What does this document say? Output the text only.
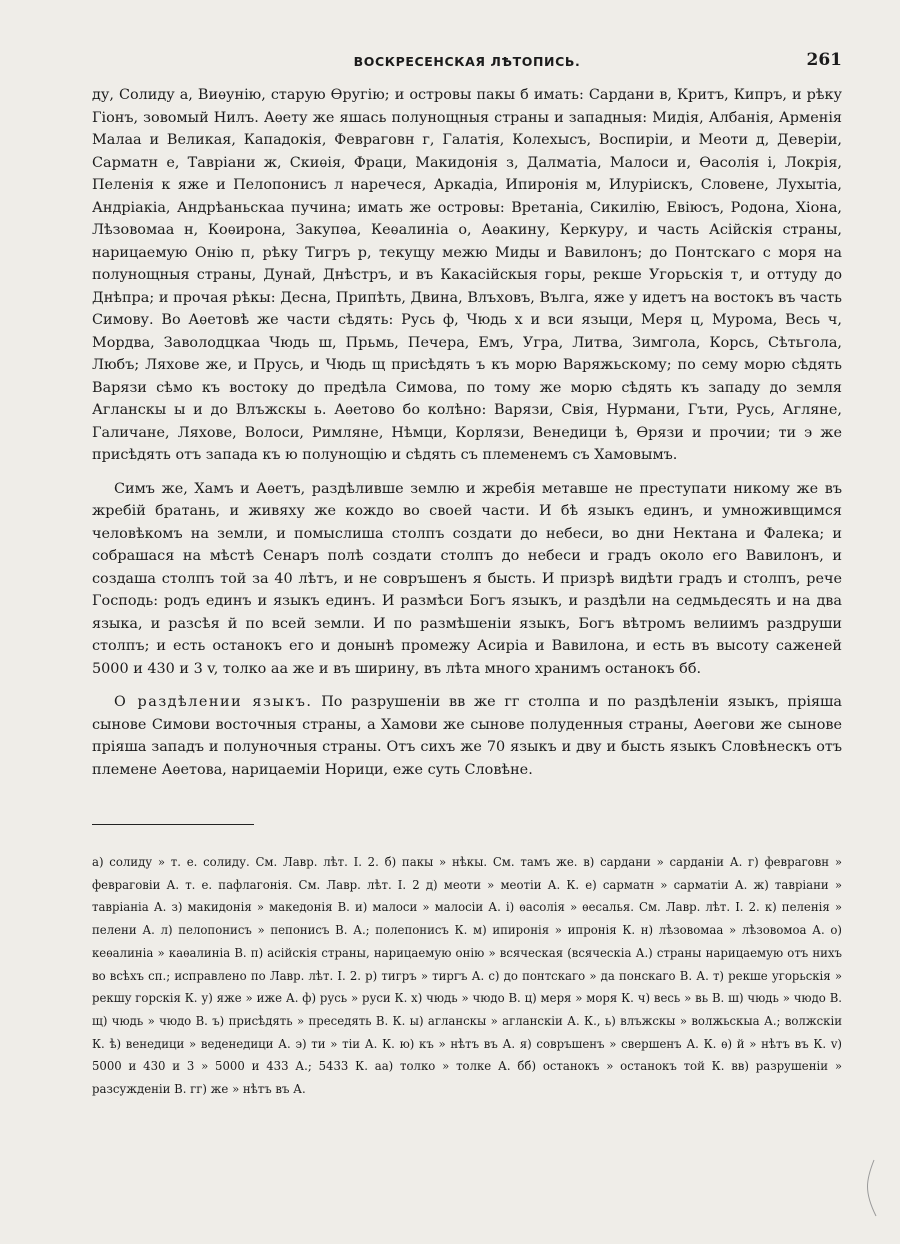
ВОСКРЕСЕНСКАЯ ЛѢТОПИСЬ.	261

ду, Солиду а, Виѳунію, старую Ѳругію; и островы пакы б имать: Сардани в, Критъ, Кипръ, и рѣку Гіонъ, зовомый Нилъ. Аѳету же яшась полунощныя страны и западныя: Мидія, Албанія, Арменія Малаа и Великая, Кападокія, Февраговн г, Галатія, Колехысъ, Воспиріи, и Меоти д, Деверіи, Сарматн е, Тавріани ж, Скиѳія, Фраци, Макидонія з, Далматіа, Малоси и, Ѳасолія і, Локрія, Пеленія к яже и Пелопонисъ л наречеся, Аркадіа, Ипиронія м, Илуріискъ, Словене, Лухытіа, Андріакіа, Андрѣаньскаа пучина; имать же островы: Вретаніа, Сикилію, Евіюсъ, Родона, Хіона, Лѣзовомаа н, Коѳирона, Закупѳа, Кеѳалиніа о, Аѳакину, Керкуру, и часть Асійскія страны, нарицаемую Онію п, рѣку Тигръ р, текущу межю Миды и Вавилонъ; до Понтскаго с моря на полунощныя страны, Дунай, Днѣстръ, и въ Какасійскыя горы, рекше Угорьскія т, и оттуду до Днѣпра; и прочая рѣкы: Десна, Припѣть, Двина, Влъховъ, Вълга, яже у идетъ на востокъ въ часть Симову. Во Аѳетовѣ же части сѣдять: Русь ф, Чюдь х и вси языци, Меря ц, Мурома, Весь ч, Мордва, Заволодцкаа Чюдь ш, Прьмь, Печера, Емъ, Угра, Литва, Зимгола, Корсь, Сѣтьгола, Любъ; Ляхове же, и Прусь, и Чюдь щ присѣдять ъ къ морю Варяжьскому; по сему морю сѣдять Варязи сѣмо къ востоку до предѣла Симова, по тому же морю сѣдять къ западу до земля Агланскы ы и до Влъжскы ь. Аѳетово бо колѣно: Варязи, Свія, Нурмани, Гъти, Русь, Агляне, Галичане, Ляхове, Волоси, Римляне, Нѣмци, Корлязи, Венедици ѣ, Ѳрязи и прочии; ти э же присѣдять отъ запада къ ю полунощію и сѣдять съ племенемъ съ Хамовымъ.

Симъ же, Хамъ и Аѳетъ, раздѣливше землю и жребія метавше не преступати никому же въ жребій братань, и живяху же кождо во своей части. И бѣ языкъ единъ, и умноживщимся человѣкомъ на земли, и помыслиша столпъ создати до небеси, во дни Нектана и Фалека; и собрашася на мѣстѣ Сенаръ полѣ создати столпъ до небеси и градъ около его Вавилонъ, и создаша столпъ той за 40 лѣтъ, и не совръшенъ я бысть. И призрѣ видѣти градъ и столпъ, рече Господь: родъ единъ и языкъ единъ. И размѣси Богъ языкъ, и раздѣли на седмьдесять и на два языка, и разсѣя й по всей земли. И по размѣшеніи языкъ, Богъ вѣтромъ велиимъ раздруши столпъ; и есть останокъ его и донынѣ промежу Асиріа и Вавилона, и есть въ высоту саженей 5000 и 430 и 3 v, толко аа же и въ ширину, въ лѣта много хранимъ останокъ бб.

О раздѣлении языкъ. По разрушеніи вв же гг столпа и по раздѣленіи языкъ, пріяша сынове Симови восточныя страны, а Хамови же сынове полуденныя страны, Аѳегови же сынове пріяша западъ и полуночныя страны. Отъ сихъ же 70 языкъ и дву и бысть языкъ Словѣнескъ отъ племене Аѳетова, нарицаеміи Норици, еже суть Словѣне.

а) солиду » т. е. солиду. См. Лавр. лѣт. I. 2. б) пакы » нѣкы. См. тамъ же. в) сардани » сарданіи А. г) февраговн » февраговіи А. т. е. пафлагонія. См. Лавр. лѣт. I. 2 д) меоти » меотіи А. К. е) сарматн » сарматіи А. ж) тавріани » тавріаніа А. з) макидонія » македонія В. и) малоси » малосіи А. і) ѳасолія » ѳесалья. См. Лавр. лѣт. I. 2. к) пеленія » пелени А. л) пелопонисъ » пепонисъ В. А.; полепонисъ К. м) ипиронія » ипронія К. н) лѣзовомаа » лѣзовомоа А. о) кеѳалиніа » каѳалиніа В. п) асійскія страны, нарицаемую онію » всяческая (всяческіа А.) страны нарицаемую отъ нихъ во всѣхъ сп.; исправлено по Лавр. лѣт. I. 2. р) тигръ » тиргъ А. с) до понтскаго » да понскаго В. А. т) рекше угорьскія » рекшу горскія К. у) яже » иже А. ф) русь » руси К. х) чюдь » чюдо В. ц) меря » моря К. ч) весь » вь В. ш) чюдь » чюдо В. щ) чюдь » чюдо В. ъ) присѣдять » преседять В. К. ы) агланскы » агланскіи А. К., ь) влъжскы » волжьскыа А.; волжскіи К. ѣ) венедици » веденедици А. э) ти » тіи А. К. ю) къ » нѣтъ въ А. я) совръшенъ » свершенъ А. К. ѳ) й » нѣтъ въ К. v) 5000 и 430 и 3 » 5000 и 433 А.; 5433 К. аа) толко » толке А. бб) останокъ » останокъ той К. вв) разрушеніи » разсужденіи В. гг) же » нѣтъ въ А.
